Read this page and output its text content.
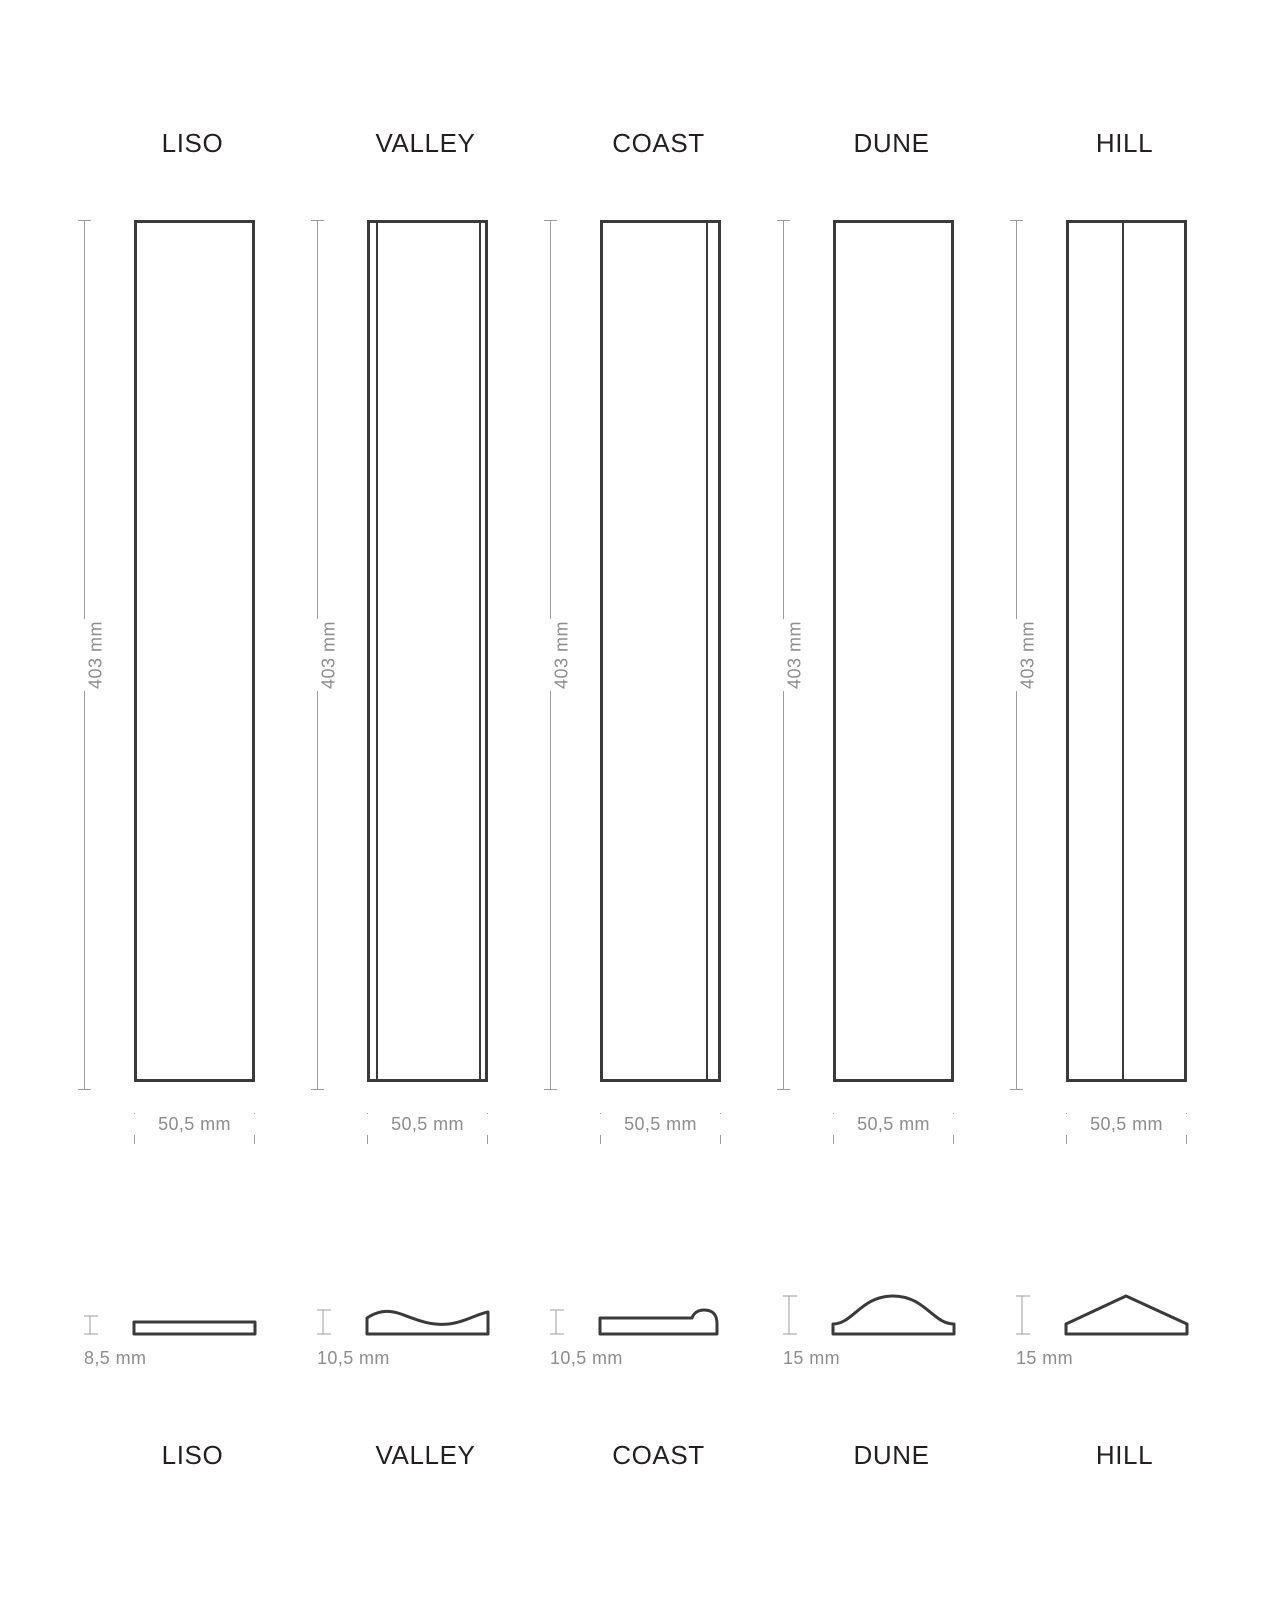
LISO	VALLEY	COAST	DUNE	HILL
403 mm	403 mm	403 mm	403 mm	403 mm
50,5 mm	50,5 mm	50,5 mm	50,5 mm	50,5 mm
8,5 mm	10,5 mm	10,5 mm	15 mm	15 mm
LISO	VALLEY	COAST	DUNE	HILL
